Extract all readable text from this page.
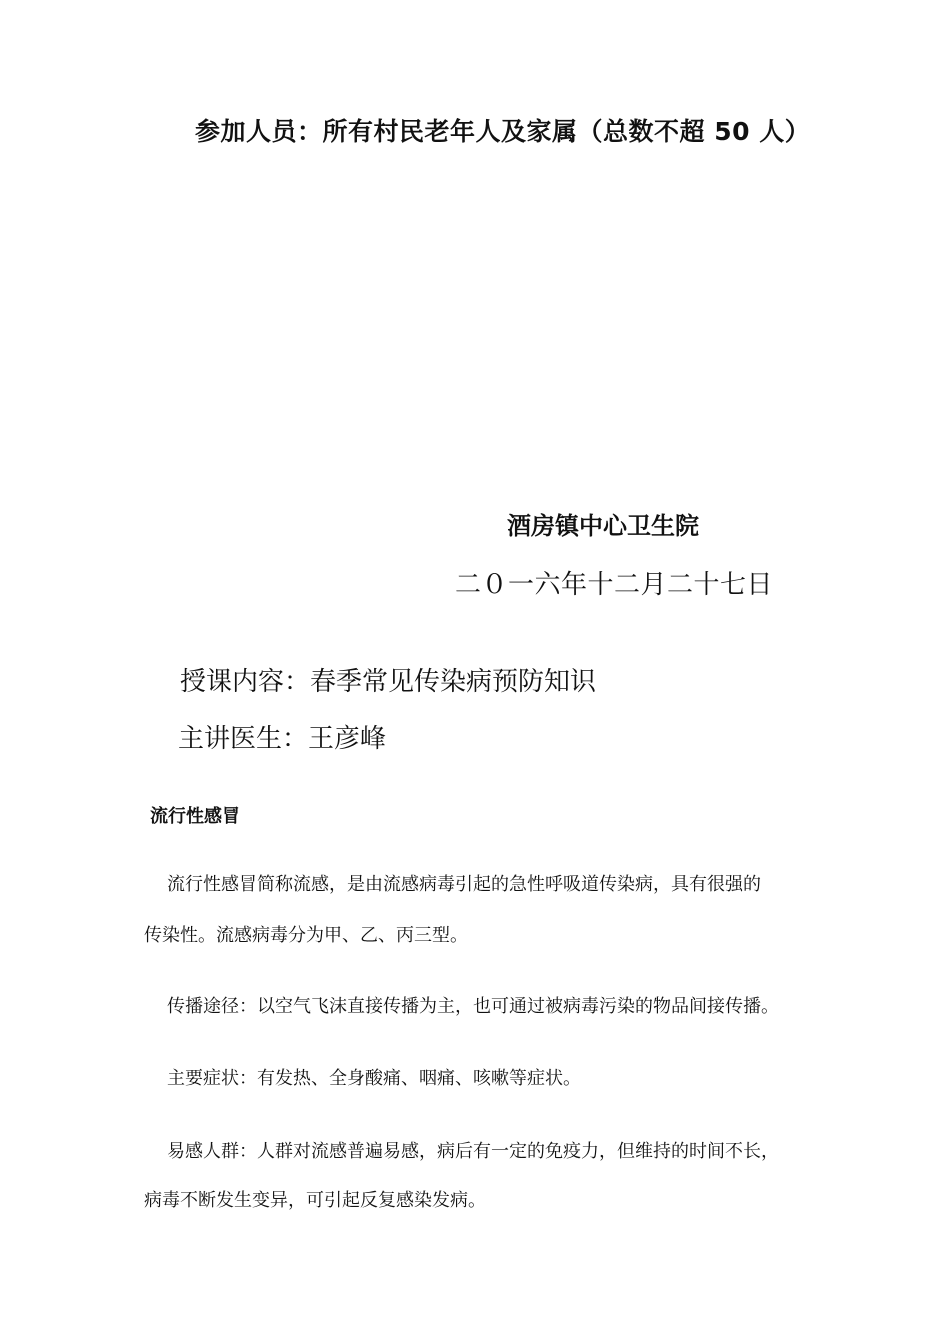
参加人员：所有村民老年人及家属（总数不超 50 人）
酒房镇中心卫生院
二０一六年十二月二十七日
授课内容：春季常见传染病预防知识
主讲医生：王彦峰
流行性感冒
流行性感冒简称流感，是由流感病毒引起的急性呼吸道传染病，具有很强的
传染性。流感病毒分为甲、乙、丙三型。
传播途径：以空气飞沫直接传播为主，也可通过被病毒污染的物品间接传播。
主要症状：有发热、全身酸痛、咽痛、咳嗽等症状。
易感人群：人群对流感普遍易感，病后有一定的免疫力，但维持的时间不长，
病毒不断发生变异，可引起反复感染发病。
